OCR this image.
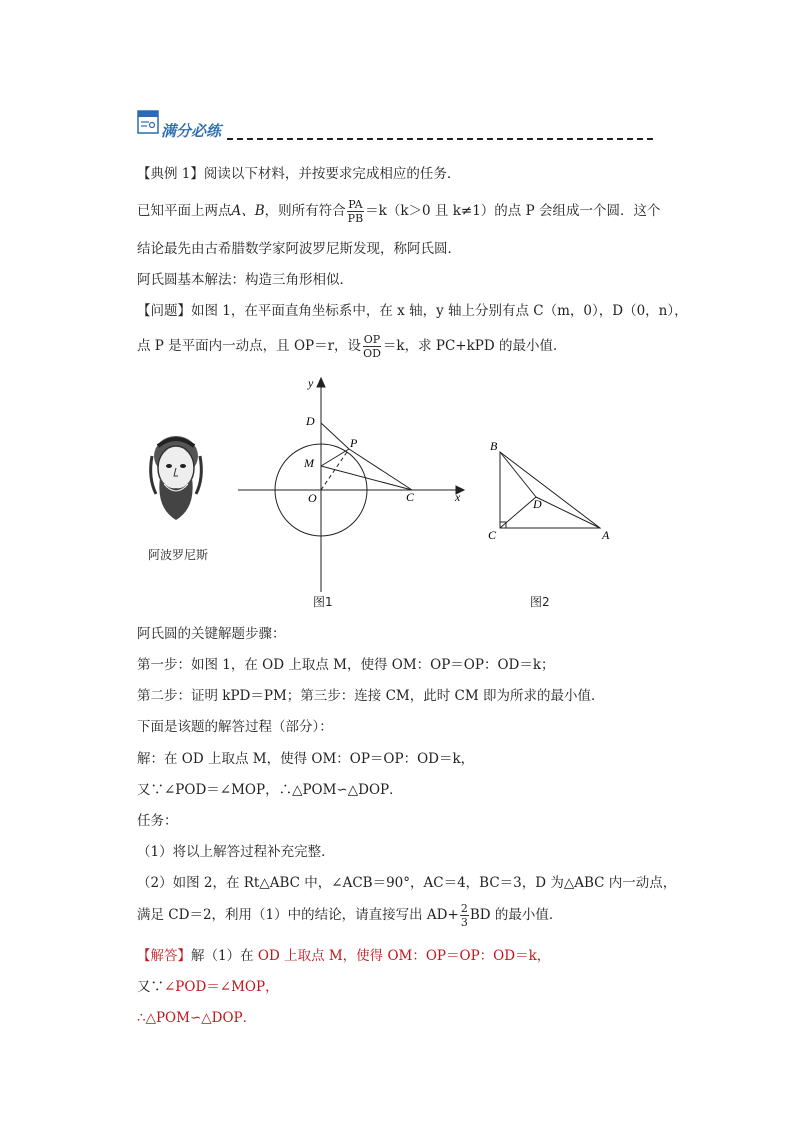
满分必练
【典例 1】阅读以下材料，并按要求完成相应的任务．
已知平面上两点A、B，则所有符合 $\frac{PA}{PB} =k(k>0$ 且 k≠1）的点 P 会组成一个圆．这个
结论最先由古希腊数学家阿波罗尼斯发现，称阿氏圆．
阿氏圆基本解法：构造三角形相似．
【问题】如图 1，在平面直角坐标系中，在 x 轴，y 轴上分别有点 C（m，0），D（0，n），
点 P 是平面内一动点，且 OP＝r，设 $\frac{OP}{OD} =k$，求 PC+kPD 的最小值．
阿波罗尼斯
y
x
D
P
M
O	C
图1
B
D
C	A
图2
阿氏圆的关键解题步骤：
第一步：如图 1，在 OD 上取点 M，使得 OM：OP＝OP：OD＝k；
第二步：证明 kPD＝PM；第三步：连接 CM，此时 CM 即为所求的最小值．
下面是该题的解答过程（部分）：
解：在 OD 上取点 M，使得 OM：OP＝OP：OD＝k，
又∵∠POD＝∠MOP，∴△POM∽△DOP．
任务：
（1）将以上解答过程补充完整．
（2）如图 2，在 Rt△ABC 中，∠ACB＝90°，AC＝4，BC＝3，D 为△ABC 内一动点，
满足 CD＝2，利用（1）中的结论，请直接写出 $AD+ \frac{2}{3}$ BD 的最小值．
【解答】解（1）在 OD 上取点 M，使得 OM：OP＝OP：OD＝k，
又∵∠POD＝∠MOP，
∴△POM∽△DOP．
